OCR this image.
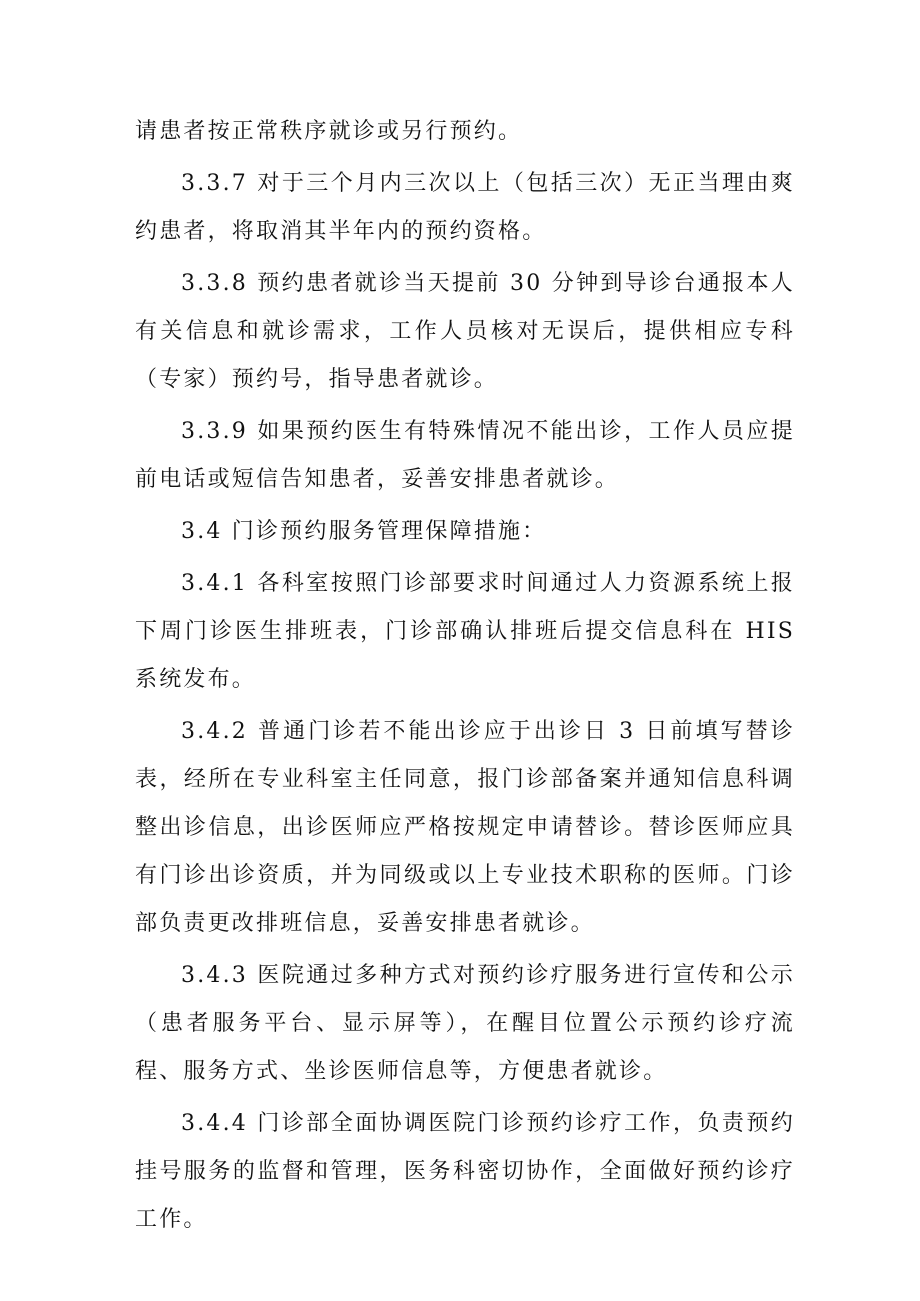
请患者按正常秩序就诊或另行预约。

3.3.7 对于三个月内三次以上（包括三次）无正当理由爽约患者，将取消其半年内的预约资格。

3.3.8 预约患者就诊当天提前 30 分钟到导诊台通报本人有关信息和就诊需求，工作人员核对无误后，提供相应专科（专家）预约号，指导患者就诊。

3.3.9 如果预约医生有特殊情况不能出诊，工作人员应提前电话或短信告知患者，妥善安排患者就诊。

3.4 门诊预约服务管理保障措施：

3.4.1 各科室按照门诊部要求时间通过人力资源系统上报下周门诊医生排班表，门诊部确认排班后提交信息科在 HIS 系统发布。

3.4.2 普通门诊若不能出诊应于出诊日 3 日前填写替诊表，经所在专业科室主任同意，报门诊部备案并通知信息科调整出诊信息，出诊医师应严格按规定申请替诊。替诊医师应具有门诊出诊资质，并为同级或以上专业技术职称的医师。门诊部负责更改排班信息，妥善安排患者就诊。

3.4.3 医院通过多种方式对预约诊疗服务进行宣传和公示（患者服务平台、显示屏等），在醒目位置公示预约诊疗流程、服务方式、坐诊医师信息等，方便患者就诊。

3.4.4 门诊部全面协调医院门诊预约诊疗工作，负责预约挂号服务的监督和管理，医务科密切协作，全面做好预约诊疗工作。
